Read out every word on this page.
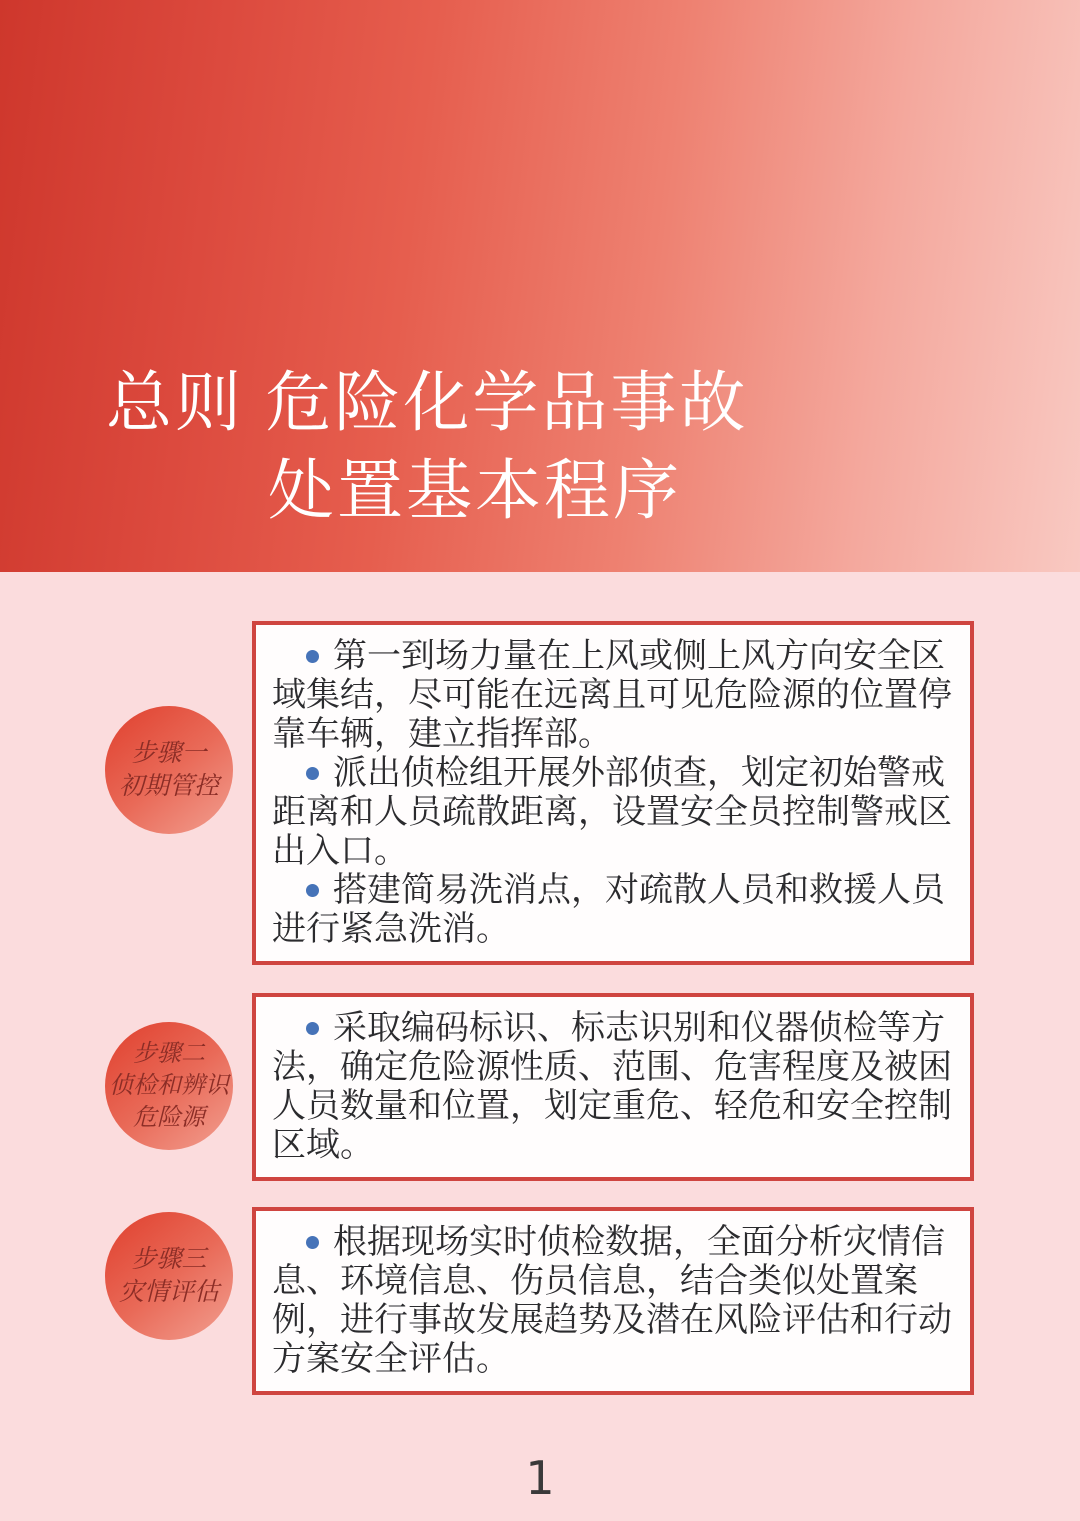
总则 危险化学品事故
处置基本程序
步骤一
初期管控

第一到场力量在上风或侧上风方向安全区域集结，尽可能在远离且可见危险源的位置停靠车辆，建立指挥部。

派出侦检组开展外部侦查，划定初始警戒距离和人员疏散距离，设置安全员控制警戒区出入口。

搭建简易洗消点，对疏散人员和救援人员进行紧急洗消。

步骤二
侦检和辨识
危险源

采取编码标识、标志识别和仪器侦检等方法，确定危险源性质、范围、危害程度及被困人员数量和位置，划定重危、轻危和安全控制区域。

步骤三
灾情评估

根据现场实时侦检数据，全面分析灾情信息、环境信息、伤员信息，结合类似处置案例，进行事故发展趋势及潜在风险评估和行动方案安全评估。

1
